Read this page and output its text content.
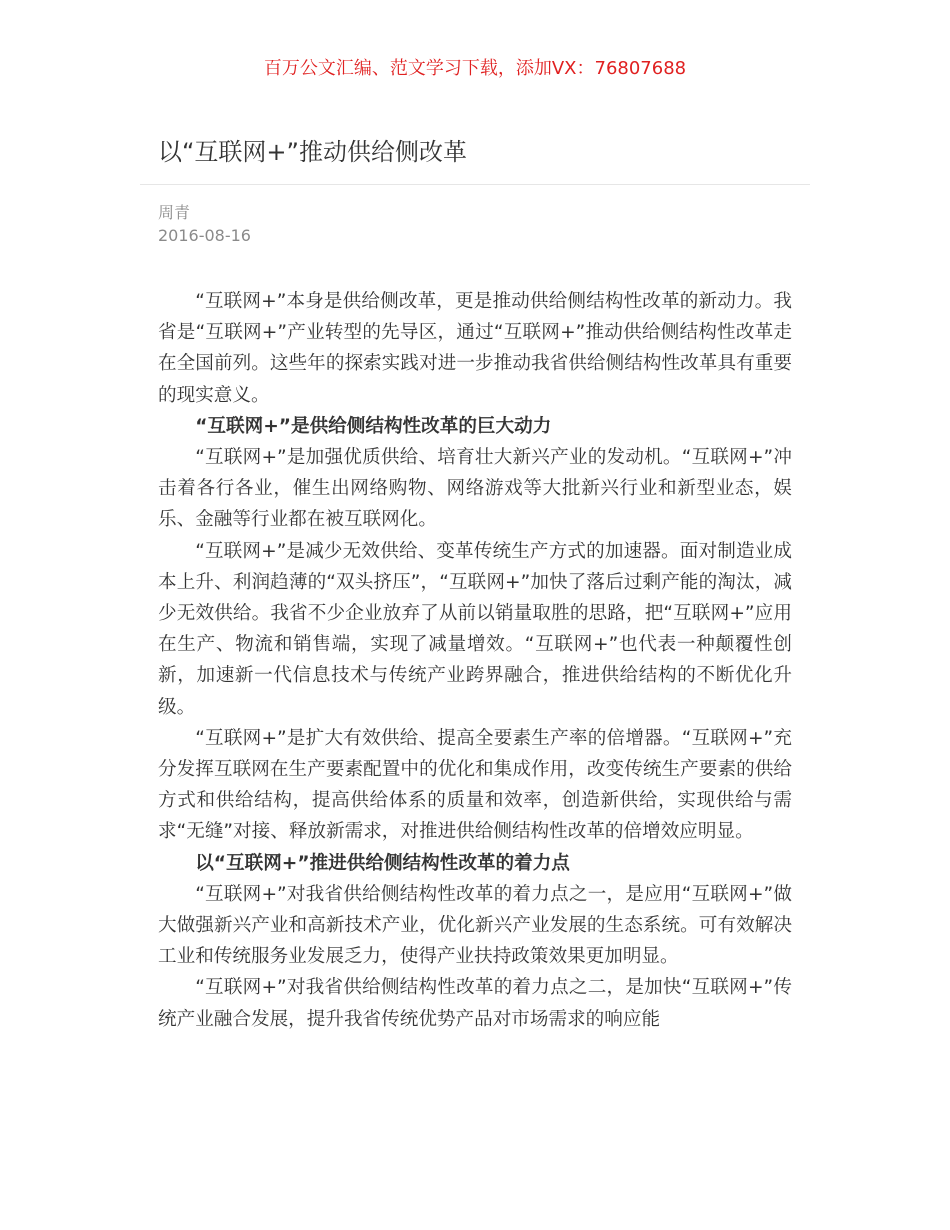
百万公文汇编、范文学习下载，添加VX：76807688
以“互联网+”推动供给侧改革
周青
2016-08-16

“互联网+”本身是供给侧改革，更是推动供给侧结构性改革的新动力。我省是“互联网+”产业转型的先导区，通过“互联网+”推动供给侧结构性改革走在全国前列。这些年的探索实践对进一步推动我省供给侧结构性改革具有重要的现实意义。

“互联网+”是供给侧结构性改革的巨大动力

“互联网+”是加强优质供给、培育壮大新兴产业的发动机。“互联网+”冲击着各行各业，催生出网络购物、网络游戏等大批新兴行业和新型业态，娱乐、金融等行业都在被互联网化。

“互联网+”是减少无效供给、变革传统生产方式的加速器。面对制造业成本上升、利润趋薄的“双头挤压”，“互联网+”加快了落后过剩产能的淘汰，减少无效供给。我省不少企业放弃了从前以销量取胜的思路，把“互联网+”应用在生产、物流和销售端，实现了减量增效。“互联网+”也代表一种颠覆性创新，加速新一代信息技术与传统产业跨界融合，推进供给结构的不断优化升级。

“互联网+”是扩大有效供给、提高全要素生产率的倍增器。“互联网+”充分发挥互联网在生产要素配置中的优化和集成作用，改变传统生产要素的供给方式和供给结构，提高供给体系的质量和效率，创造新供给，实现供给与需求“无缝”对接、释放新需求，对推进供给侧结构性改革的倍增效应明显。

以“互联网+”推进供给侧结构性改革的着力点

“互联网+”对我省供给侧结构性改革的着力点之一，是应用“互联网+”做大做强新兴产业和高新技术产业，优化新兴产业发展的生态系统。可有效解决工业和传统服务业发展乏力，使得产业扶持政策效果更加明显。

“互联网+”对我省供给侧结构性改革的着力点之二，是加快“互联网+”传统产业融合发展，提升我省传统优势产品对市场需求的响应能
